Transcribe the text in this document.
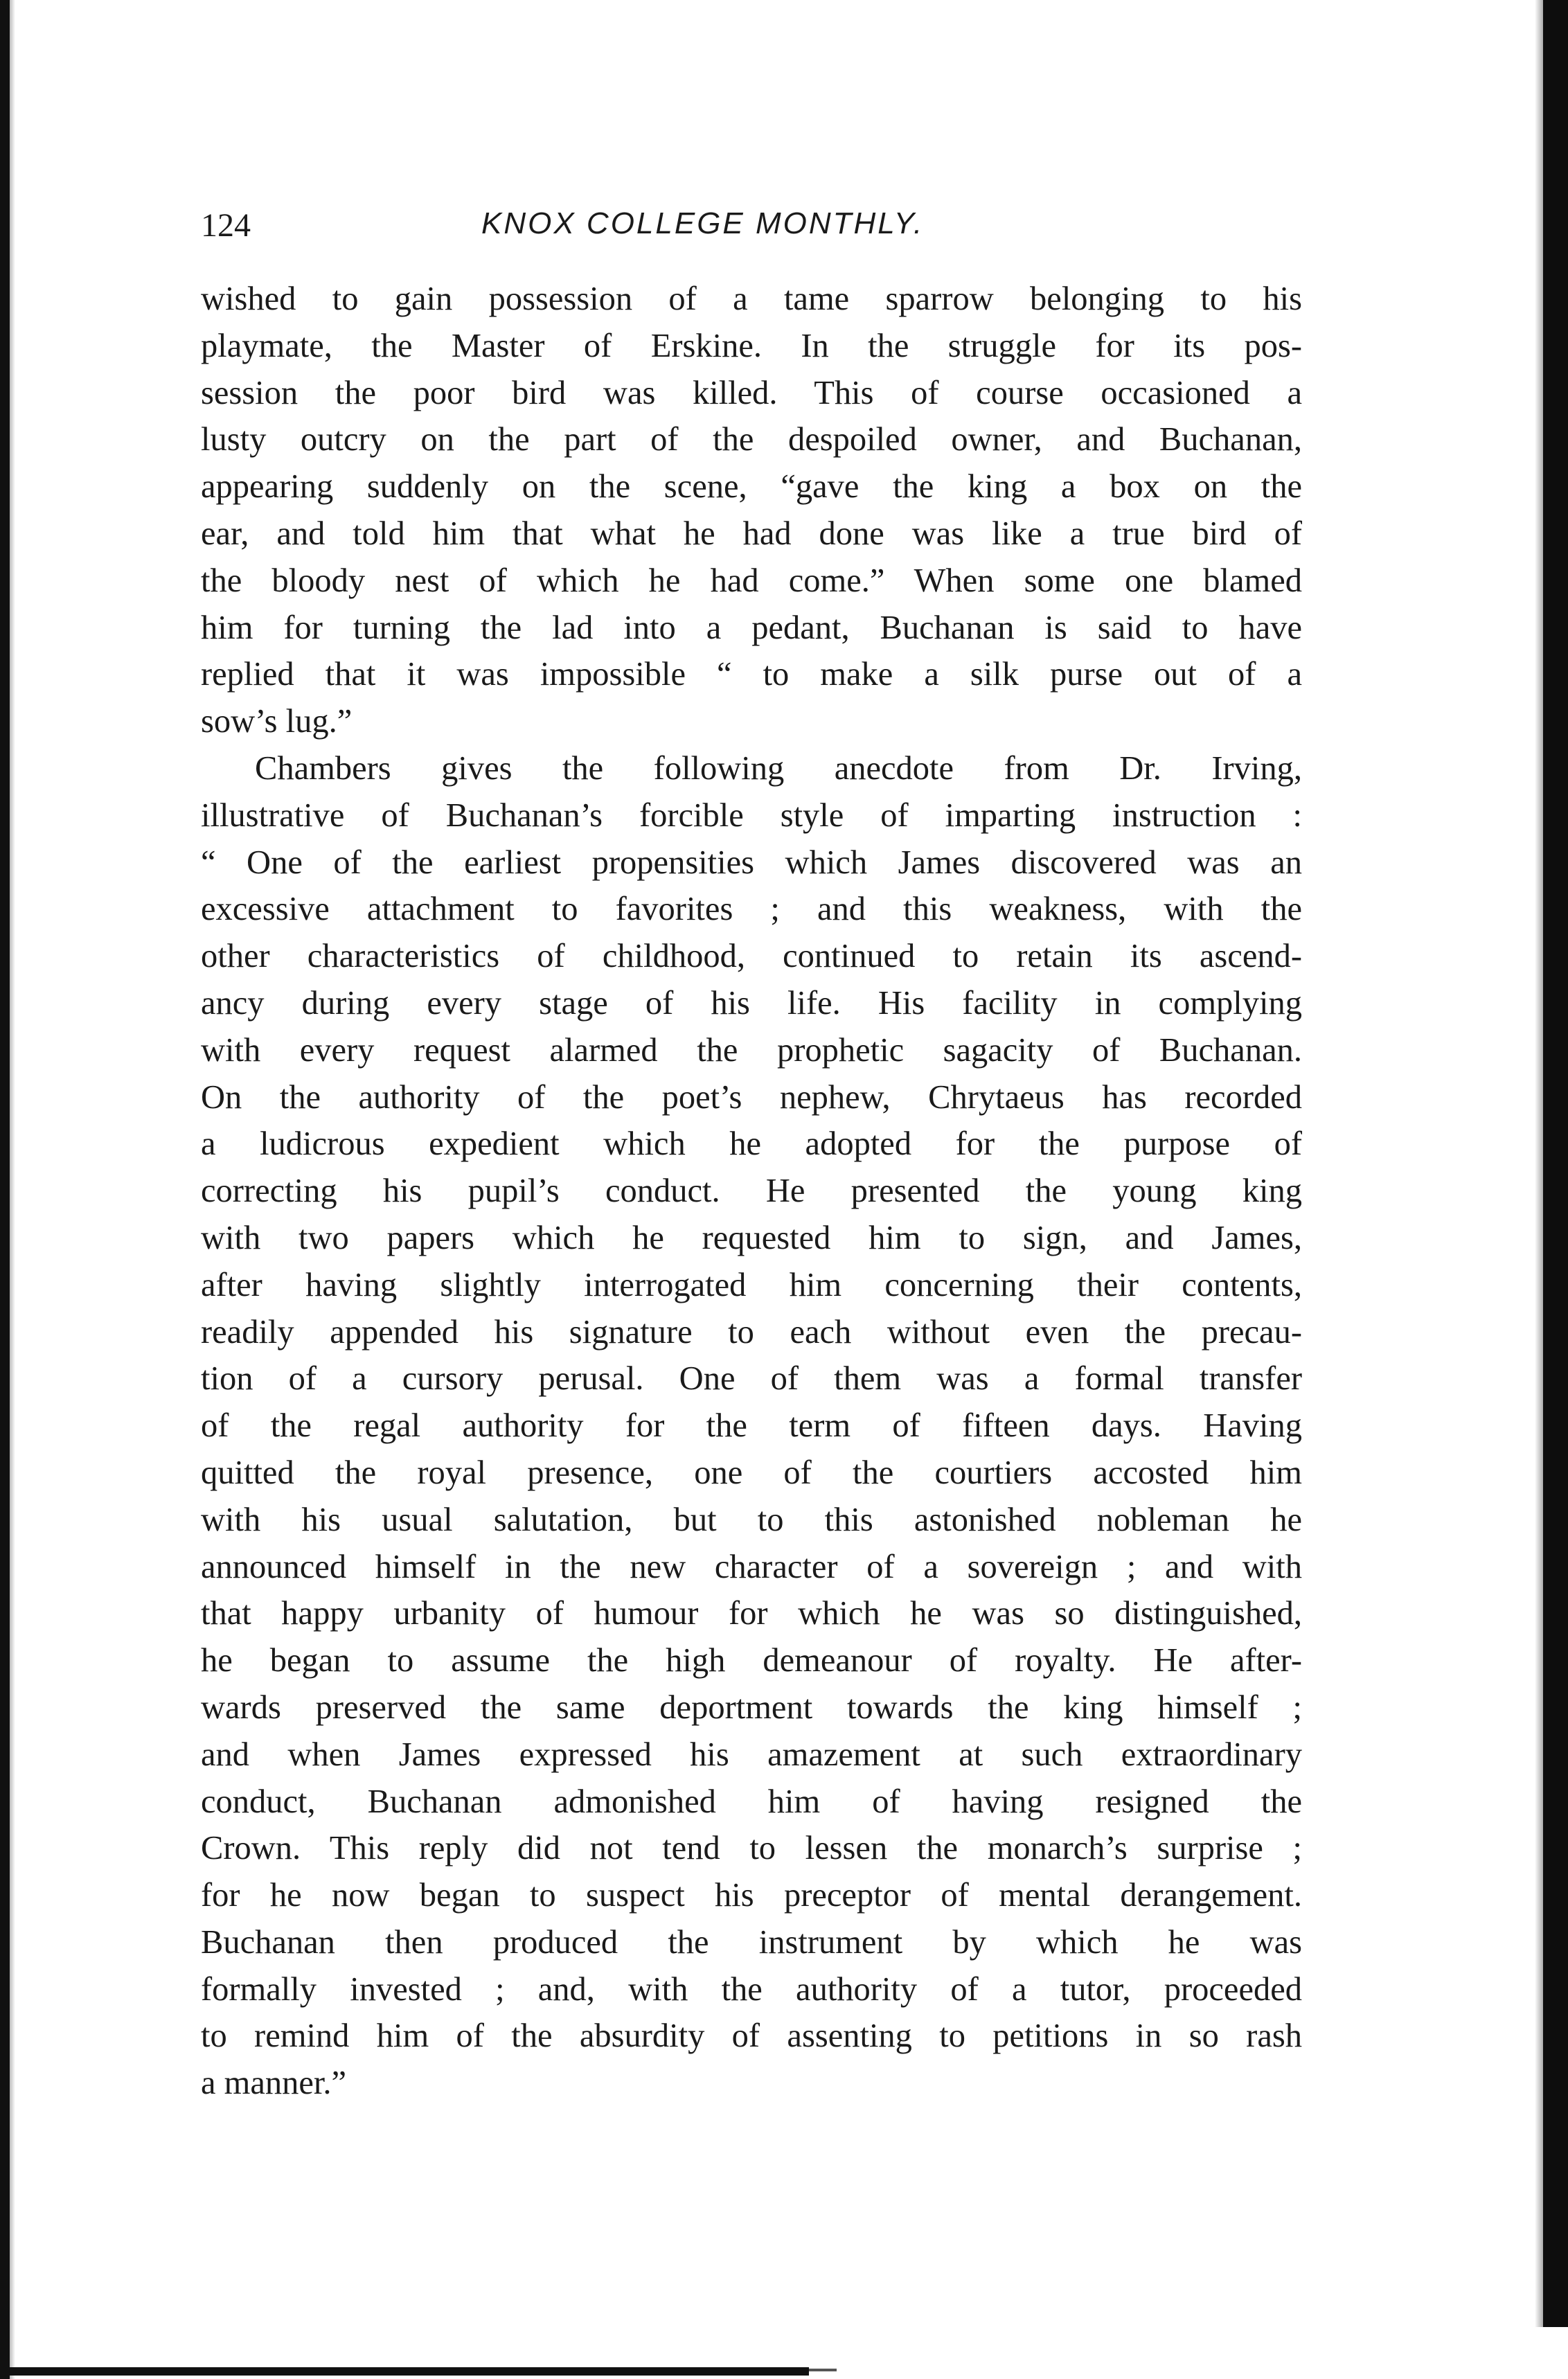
124	KNOX COLLEGE MONTHLY.
wished to gain possession of a tame sparrow belonging to his
playmate, the Master of Erskine. In the struggle for its pos-
session the poor bird was killed. This of course occasioned a
lusty outcry on the part of the despoiled owner, and Buchanan,
appearing suddenly on the scene, “gave the king a box on the
ear, and told him that what he had done was like a true bird of
the bloody nest of which he had come.” When some one blamed
him for turning the lad into a pedant, Buchanan is said to have
replied that it was impossible “ to make a silk purse out of a
sow’s lug.”
Chambers gives the following anecdote from Dr. Irving,
illustrative of Buchanan’s forcible style of imparting instruction :
“ One of the earliest propensities which James discovered was an
excessive attachment to favorites ; and this weakness, with the
other characteristics of childhood, continued to retain its ascend-
ancy during every stage of his life. His facility in complying
with every request alarmed the prophetic sagacity of Buchanan.
On the authority of the poet’s nephew, Chrytaeus has recorded
a ludicrous expedient which he adopted for the purpose of
correcting his pupil’s conduct. He presented the young king
with two papers which he requested him to sign, and James,
after having slightly interrogated him concerning their contents,
readily appended his signature to each without even the precau-
tion of a cursory perusal. One of them was a formal transfer
of the regal authority for the term of fifteen days. Having
quitted the royal presence, one of the courtiers accosted him
with his usual salutation, but to this astonished nobleman he
announced himself in the new character of a sovereign ; and with
that happy urbanity of humour for which he was so distinguished,
he began to assume the high demeanour of royalty. He after-
wards preserved the same deportment towards the king himself ;
and when James expressed his amazement at such extraordinary
conduct, Buchanan admonished him of having resigned the
Crown. This reply did not tend to lessen the monarch’s surprise ;
for he now began to suspect his preceptor of mental derangement.
Buchanan then produced the instrument by which he was
formally invested ; and, with the authority of a tutor, proceeded
to remind him of the absurdity of assenting to petitions in so rash
a manner.”
